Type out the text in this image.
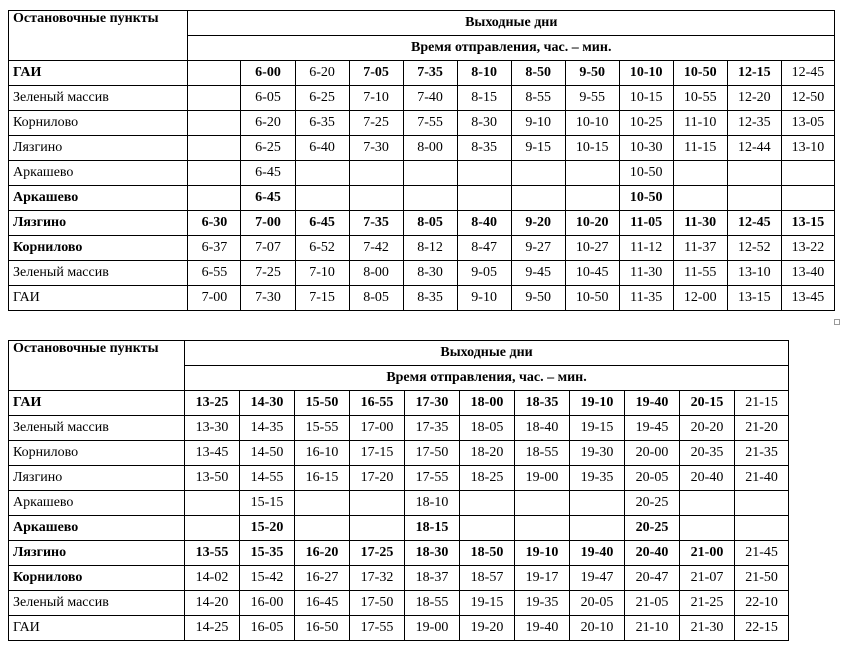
Остановочные пункты	Выходные дни											
	Время отправления, час. – мин.											
ГАИ		6-00	6-20	7-05	7-35	8-10	8-50	9-50	10-10	10-50	12-15	12-45
Зеленый массив		6-05	6-25	7-10	7-40	8-15	8-55	9-55	10-15	10-55	12-20	12-50
Корнилово		6-20	6-35	7-25	7-55	8-30	9-10	10-10	10-25	11-10	12-35	13-05
Лязгино		6-25	6-40	7-30	8-00	8-35	9-15	10-15	10-30	11-15	12-44	13-10
Аркашево		6-45							10-50			
Аркашево		6-45							10-50			
Лязгино	6-30	7-00	6-45	7-35	8-05	8-40	9-20	10-20	11-05	11-30	12-45	13-15
Корнилово	6-37	7-07	6-52	7-42	8-12	8-47	9-27	10-27	11-12	11-37	12-52	13-22
Зеленый массив	6-55	7-25	7-10	8-00	8-30	9-05	9-45	10-45	11-30	11-55	13-10	13-40
ГАИ	7-00	7-30	7-15	8-05	8-35	9-10	9-50	10-50	11-35	12-00	13-15	13-45
Остановочные пункты	Выходные дни										
	Время отправления, час. – мин.										
ГАИ	13-25	14-30	15-50	16-55	17-30	18-00	18-35	19-10	19-40	20-15	21-15
Зеленый массив	13-30	14-35	15-55	17-00	17-35	18-05	18-40	19-15	19-45	20-20	21-20
Корнилово	13-45	14-50	16-10	17-15	17-50	18-20	18-55	19-30	20-00	20-35	21-35
Лязгино	13-50	14-55	16-15	17-20	17-55	18-25	19-00	19-35	20-05	20-40	21-40
Аркашево		15-15			18-10				20-25		
Аркашево		15-20			18-15				20-25		
Лязгино	13-55	15-35	16-20	17-25	18-30	18-50	19-10	19-40	20-40	21-00	21-45
Корнилово	14-02	15-42	16-27	17-32	18-37	18-57	19-17	19-47	20-47	21-07	21-50
Зеленый массив	14-20	16-00	16-45	17-50	18-55	19-15	19-35	20-05	21-05	21-25	22-10
ГАИ	14-25	16-05	16-50	17-55	19-00	19-20	19-40	20-10	21-10	21-30	22-15
